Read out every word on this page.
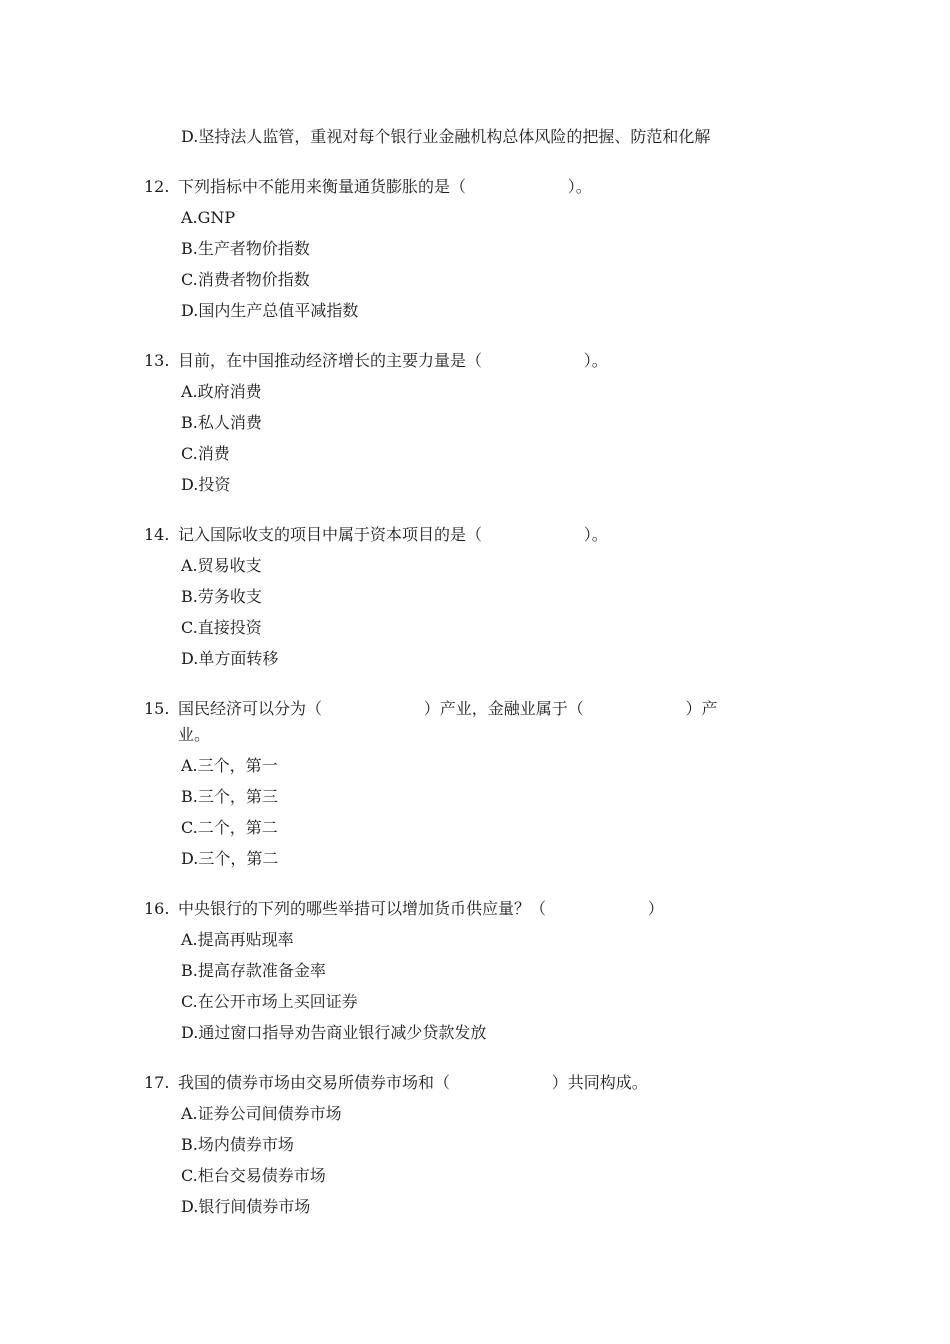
D.坚持法人监管，重视对每个银行业金融机构总体风险的把握、防范和化解
12. 下列指标中不能用来衡量通货膨胀的是（                    ）。
A.GNP
B.生产者物价指数
C.消费者物价指数
D.国内生产总值平减指数
13. 目前，在中国推动经济增长的主要力量是（                    ）。
A.政府消费
B.私人消费
C.消费
D.投资
14. 记入国际收支的项目中属于资本项目的是（                    ）。
A.贸易收支
B.劳务收支
C.直接投资
D.单方面转移
15. 国民经济可以分为（                    ）产业，金融业属于（                    ）产
业。
A.三个，第一
B.三个，第三
C.二个，第二
D.三个，第二
16. 中央银行的下列的哪些举措可以增加货币供应量？（                    ）
A.提高再贴现率
B.提高存款准备金率
C.在公开市场上买回证券
D.通过窗口指导劝告商业银行减少贷款发放
17. 我国的债券市场由交易所债券市场和（                    ）共同构成。
A.证券公司间债券市场
B.场内债券市场
C.柜台交易债券市场
D.银行间债券市场
